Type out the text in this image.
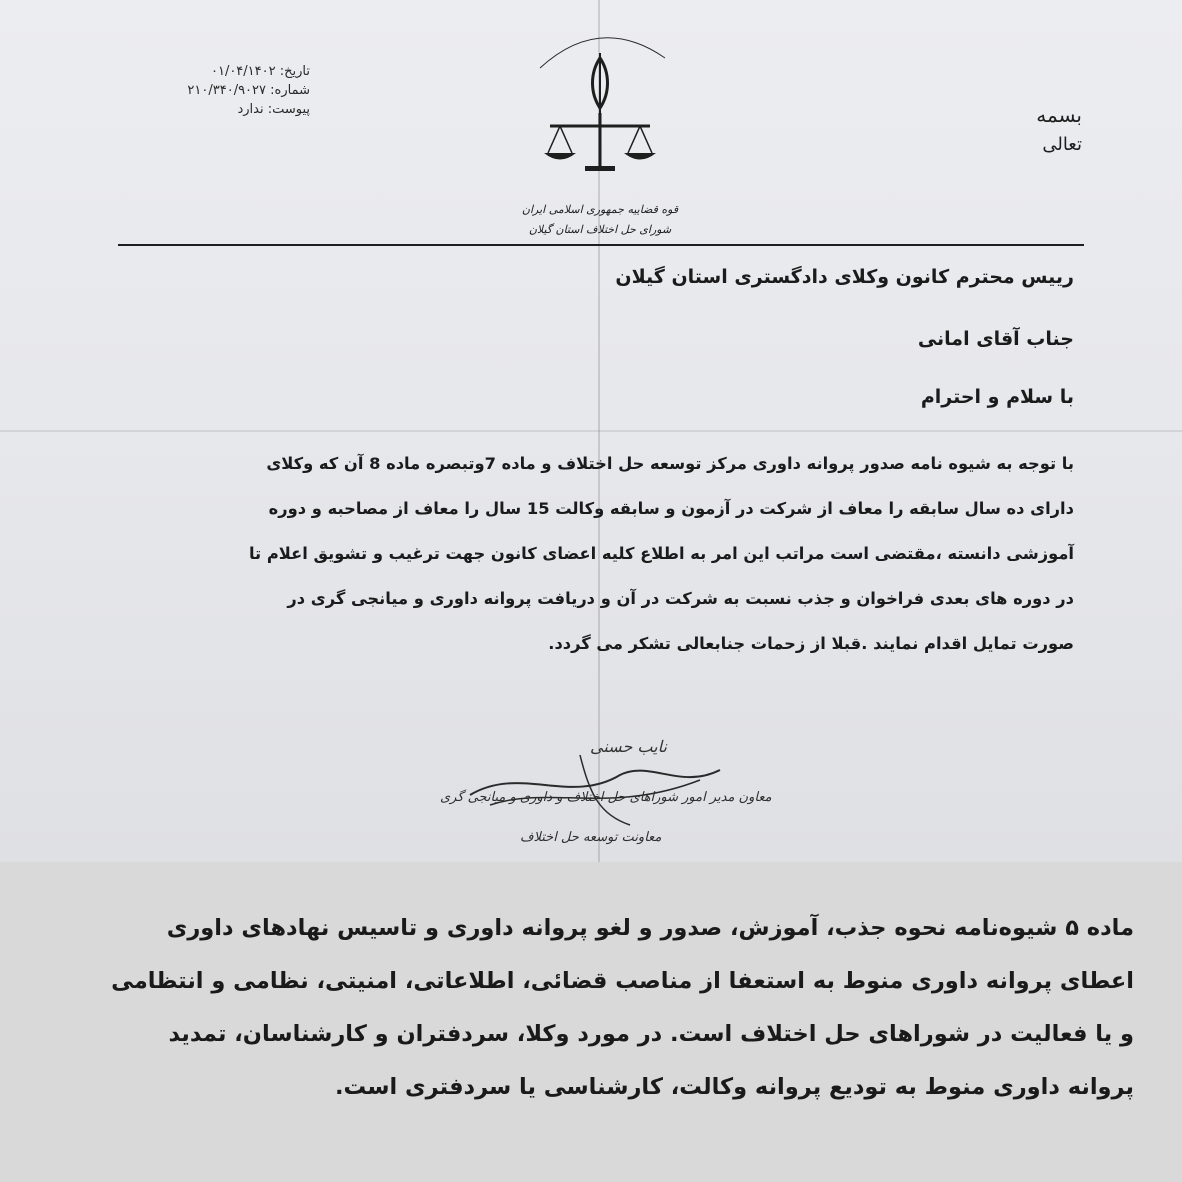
تاریخ: ۰۱/۰۴/۱۴۰۲
شماره: ۲۱۰/۳۴۰/۹۰۲۷
پیوست: ندارد
قوه قضاییه جمهوری اسلامی ایران
شورای حل اختلاف استان گیلان
بسمه
تعالی
رییس محترم کانون وکلای دادگستری استان گیلان
جناب آقای امانی
با سلام و احترام
با توجه به شیوه نامه صدور پروانه داوری مرکز توسعه حل اختلاف و ماده 7وتبصره ماده 8 آن که وکلای
دارای ده سال سابقه را معاف از شرکت در آزمون و سابقه وکالت 15 سال را معاف از مصاحبه و دوره
آموزشی دانسته ،مقتضی است مراتب این امر به اطلاع کلیه اعضای کانون جهت ترغیب و تشویق اعلام تا
در دوره های بعدی فراخوان و جذب نسبت به شرکت در آن و دریافت پروانه داوری و میانجی گری در
صورت تمایل اقدام نمایند .قبلا از زحمات جنابعالی تشکر می گردد.
نایب حسنی
معاون مدیر امور شوراهای حل اختلاف و داوری و میانجی گری
معاونت توسعه حل اختلاف
ماده ۵ شیوه‌نامه نحوه جذب، آموزش، صدور و لغو پروانه داوری و تاسیس نهادهای داوری
اعطای پروانه داوری منوط به استعفا از مناصب قضائی، اطلاعاتی، امنیتی، نظامی و انتظامی
و یا فعالیت در شوراهای حل اختلاف است. در مورد وکلا، سردفتران و کارشناسان، تمدید
پروانه داوری منوط به تودیع پروانه وکالت، کارشناسی یا سردفتری است.
